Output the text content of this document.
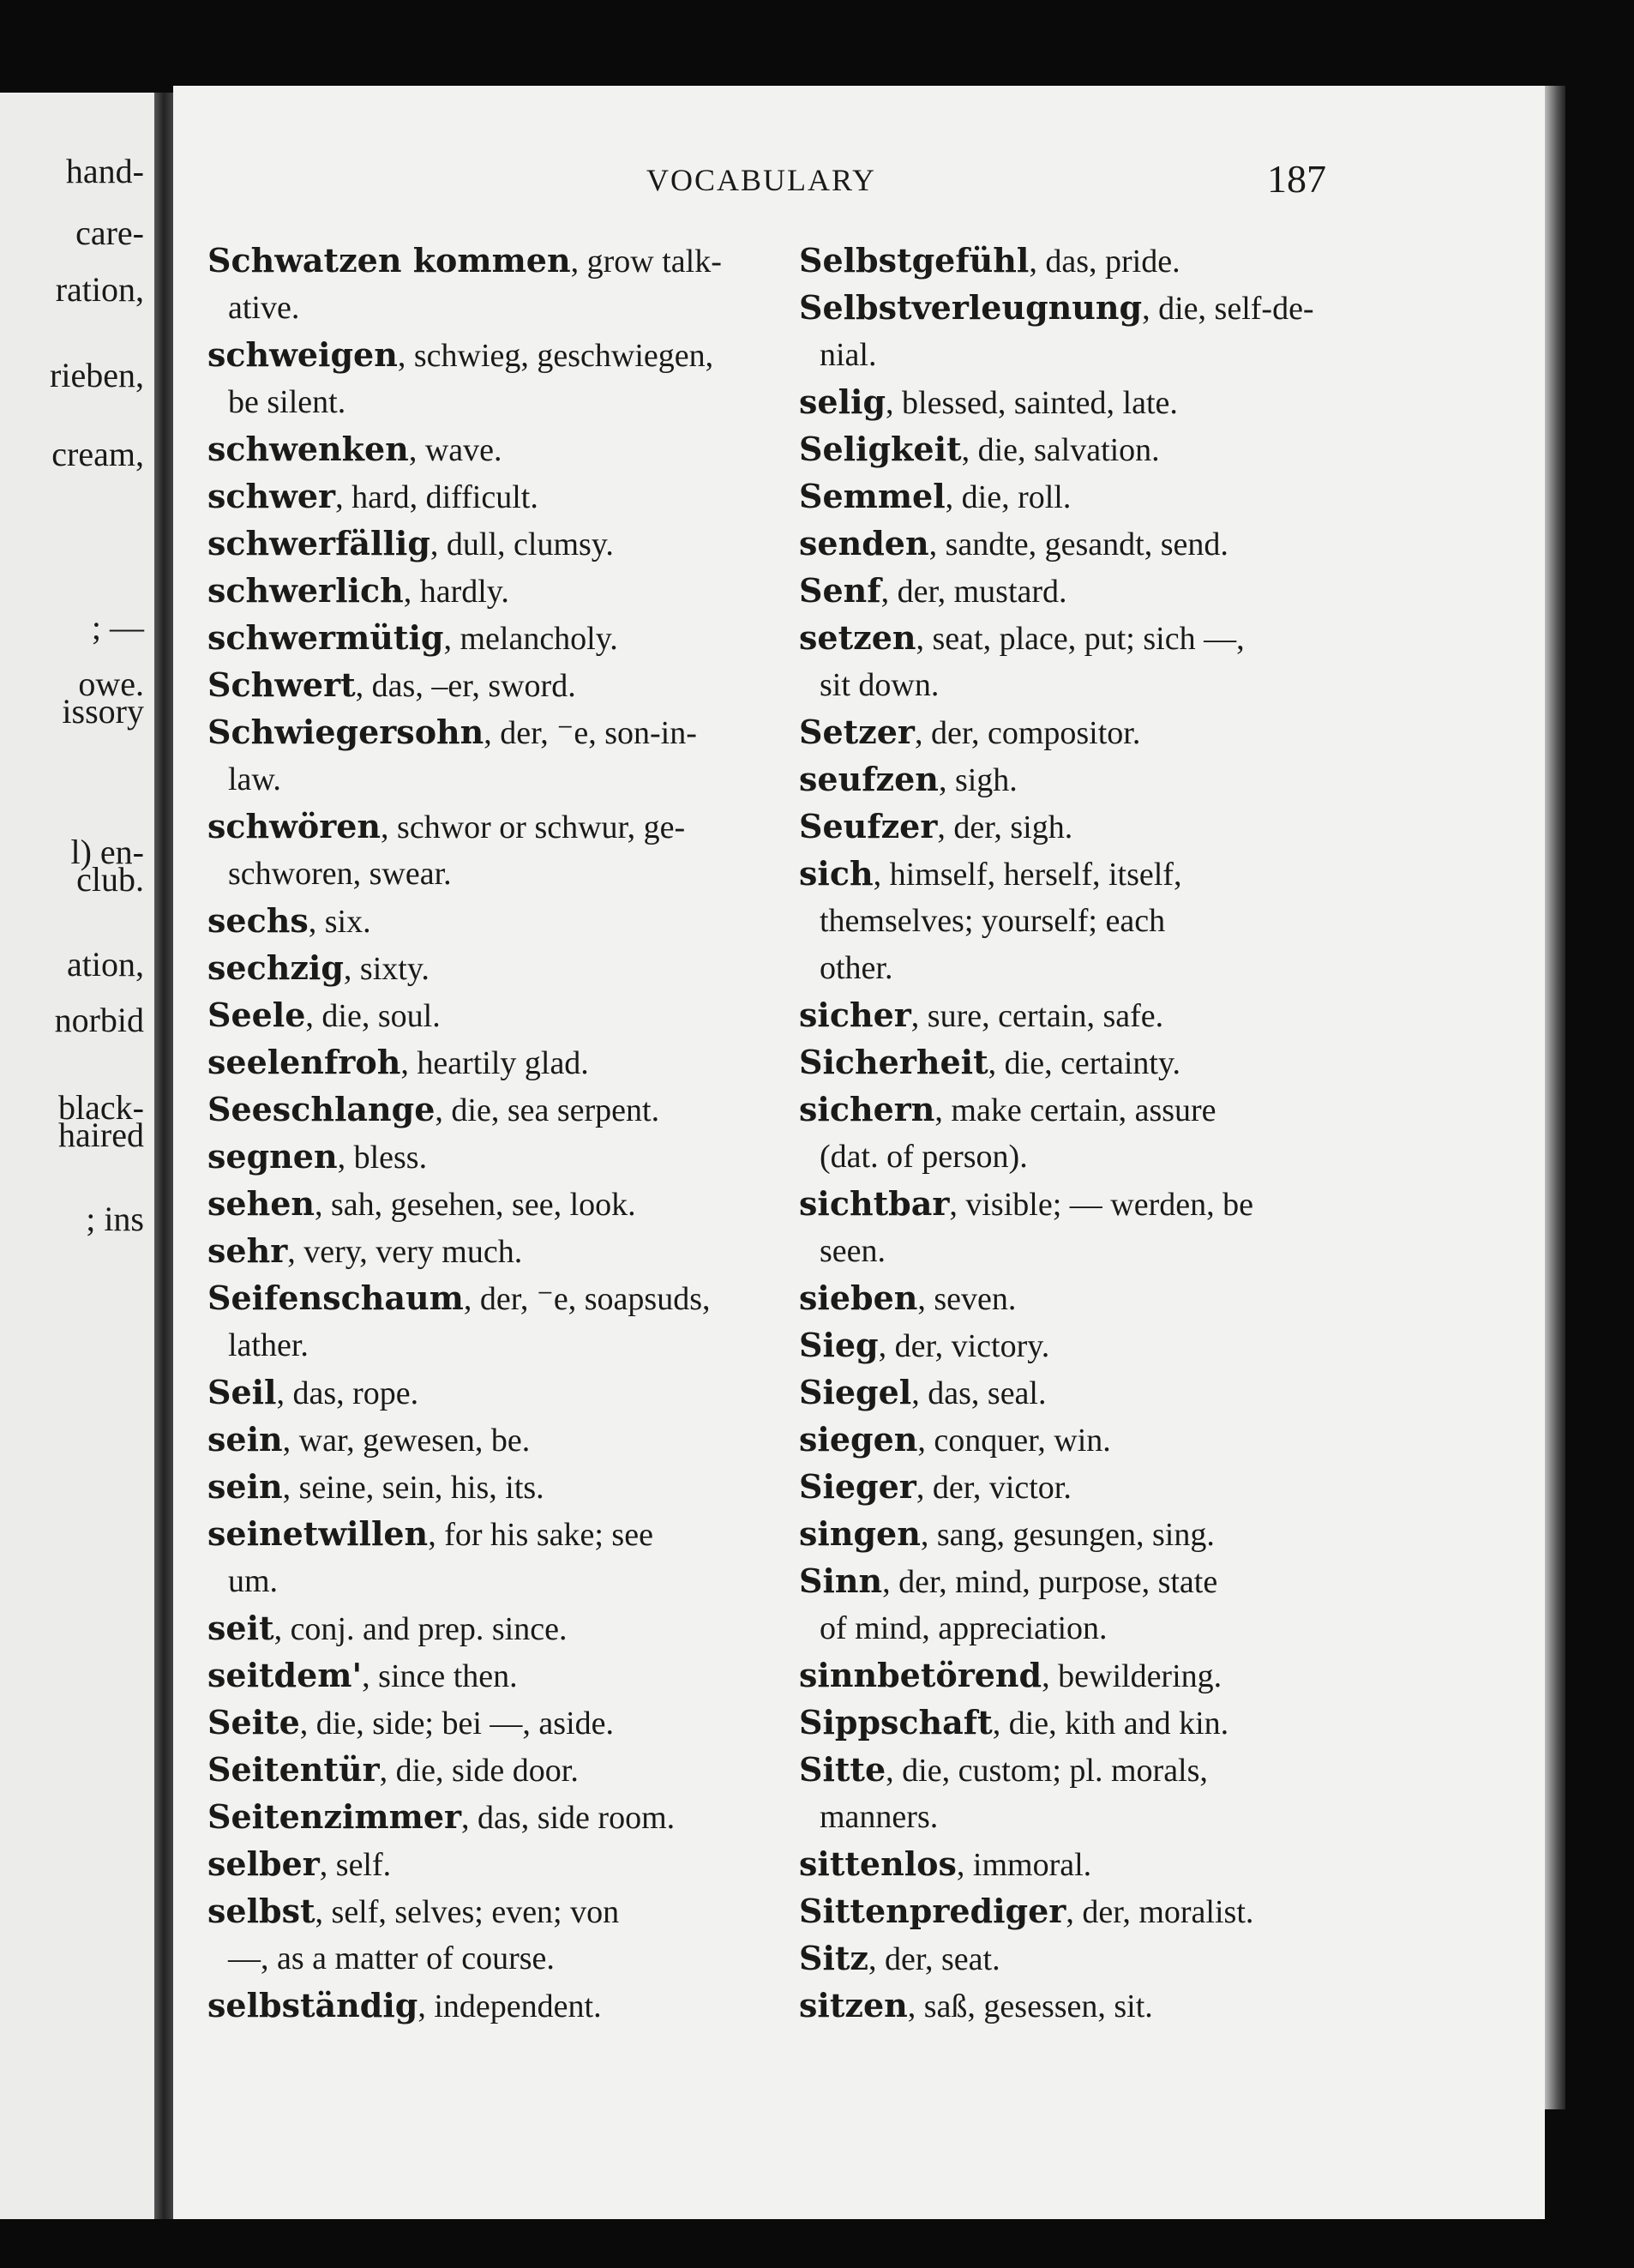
hand-
care-
ration,
rieben,
cream,
; —
owe.
issory
l) en-
club.
ation,
norbid
black-
haired
; ins
VOCABULARY	187
Schwatzen kommen, grow talk-
ative.
schweigen, schwieg, geschwiegen,
be silent.
schwenken, wave.
schwer, hard, difficult.
schwerfällig, dull, clumsy.
schwerlich, hardly.
schwermütig, melancholy.
Schwert, das, –er, sword.
Schwiegersohn, der, ⁻e, son-in-
law.
schwören, schwor or schwur, ge-
schworen, swear.
sechs, six.
sechzig, sixty.
Seele, die, soul.
seelenfroh, heartily glad.
Seeschlange, die, sea serpent.
segnen, bless.
sehen, sah, gesehen, see, look.
sehr, very, very much.
Seifenschaum, der, ⁻e, soapsuds,
lather.
Seil, das, rope.
sein, war, gewesen, be.
sein, seine, sein, his, its.
seinetwillen, for his sake; see
um.
seit, conj. and prep. since.
seitdem', since then.
Seite, die, side; bei —, aside.
Seitentür, die, side door.
Seitenzimmer, das, side room.
selber, self.
selbst, self, selves; even; von
—, as a matter of course.
selbständig, independent.
Selbstgefühl, das, pride.
Selbstverleugnung, die, self-de-
nial.
selig, blessed, sainted, late.
Seligkeit, die, salvation.
Semmel, die, roll.
senden, sandte, gesandt, send.
Senf, der, mustard.
setzen, seat, place, put; sich —,
sit down.
Setzer, der, compositor.
seufzen, sigh.
Seufzer, der, sigh.
sich, himself, herself, itself,
themselves; yourself; each
other.
sicher, sure, certain, safe.
Sicherheit, die, certainty.
sichern, make certain, assure
(dat. of person).
sichtbar, visible; — werden, be
seen.
sieben, seven.
Sieg, der, victory.
Siegel, das, seal.
siegen, conquer, win.
Sieger, der, victor.
singen, sang, gesungen, sing.
Sinn, der, mind, purpose, state
of mind, appreciation.
sinnbetörend, bewildering.
Sippschaft, die, kith and kin.
Sitte, die, custom; pl. morals,
manners.
sittenlos, immoral.
Sittenprediger, der, moralist.
Sitz, der, seat.
sitzen, saß, gesessen, sit.
